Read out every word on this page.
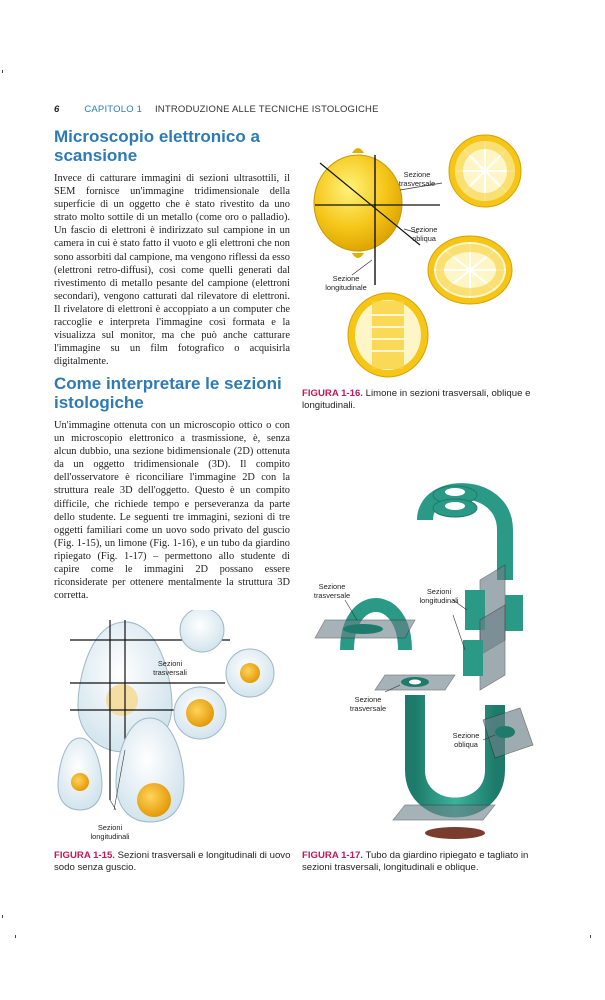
6	CAPITOLO 1 INTRODUZIONE ALLE TECNICHE ISTOLOGICHE
Microscopio elettronico a scansione
Invece di catturare immagini di sezioni ultrasottili, il SEM fornisce un'immagine tridimensionale della superficie di un oggetto che è stato rivestito da uno strato molto sottile di un metallo (come oro o palladio). Un fascio di elettroni è indirizzato sul campione in un camera in cui è stato fatto il vuoto e gli elettroni che non sono assorbiti dal campione, ma vengono riflessi da esso (elettroni retro-diffusi), così come quelli generati dal rivestimento di metallo pesante del campione (elettroni secondari), vengono catturati dal rilevatore di elettroni. Il rivelatore di elettroni è accoppiato a un computer che raccoglie e interpreta l'immagine così formata e la visualizza sul monitor, ma che può anche catturare l'immagine su un film fotografico o acquisirla digitalmente.
Come interpretare le sezioni istologiche
Un'immagine ottenuta con un microscopio ottico o con un microscopio elettronico a trasmissione, è, senza alcun dubbio, una sezione bidimensionale (2D) ottenuta da un oggetto tridimensionale (3D). Il compito dell'osservatore è riconciliare l'immagine 2D con la struttura reale 3D dell'oggetto. Questo è un compito difficile, che richiede tempo e perseveranza da parte dello studente. Le seguenti tre immagini, sezioni di tre oggetti familiari come un uovo sodo privato del guscio (Fig. 1-15), un limone (Fig. 1-16), e un tubo da giardino ripiegato (Fig. 1-17) – permettono allo studente di capire come le immagini 2D possano essere riconsiderate per ottenere mentalmente la struttura 3D corretta.
Sezione
trasversale
Sezione
obliqua
Sezione
longitudinale
FIGURA 1-16. Limone in sezioni trasversali, oblique e longitudinali.
Sezioni
trasversali
Sezioni
longitudinali
FIGURA 1-15. Sezioni trasversali e longitudinali di uovo sodo senza guscio.
Sezione
trasversale	Sezioni
longitudinali
Sezione
trasversale
Sezione
obliqua
FIGURA 1-17. Tubo da giardino ripiegato e tagliato in sezioni trasversali, longitudinali e oblique.
